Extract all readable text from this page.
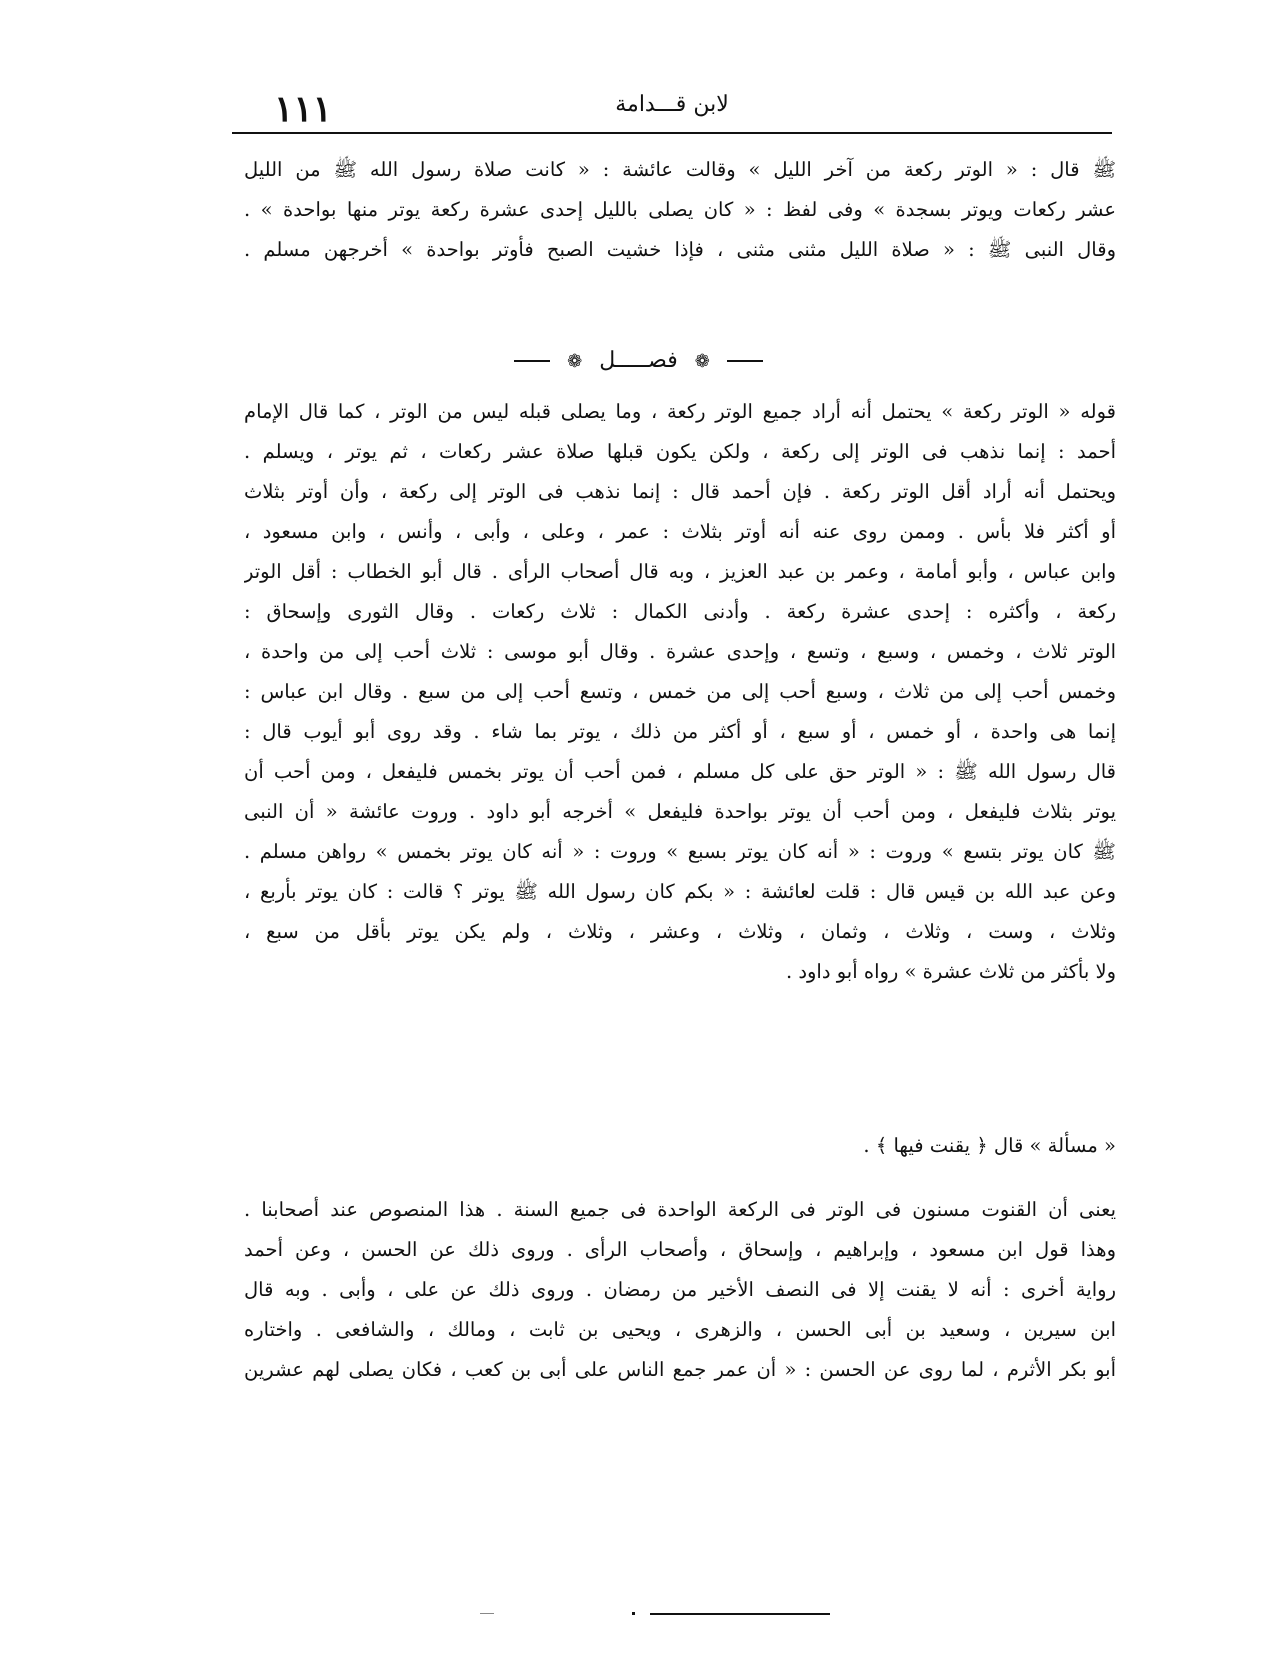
١١١	لابن قـــدامة
ﷺ قال : « الوتر ركعة من آخر الليل » وقالت عائشة : « كانت صلاة رسول الله ﷺ من الليل
عشر ركعات ويوتر بسجدة » وفى لفظ : « كان يصلى بالليل إحدى عشرة ركعة يوتر منها بواحدة » .
وقال النبى ﷺ : « صلاة الليل مثنى مثنى ، فإذا خشيت الصبح فأوتر بواحدة » أخرجهن مسلم .
❁ فصـــــل ❁
قوله « الوتر ركعة » يحتمل أنه أراد جميع الوتر ركعة ، وما يصلى قبله ليس من الوتر ، كما قال الإمام
أحمد : إنما نذهب فى الوتر إلى ركعة ، ولكن يكون قبلها صلاة عشر ركعات ، ثم يوتر ، ويسلم .
ويحتمل أنه أراد أقل الوتر ركعة . فإن أحمد قال : إنما نذهب فى الوتر إلى ركعة ، وأن أوتر بثلاث
أو أكثر فلا بأس . وممن روى عنه أنه أوتر بثلاث : عمر ، وعلى ، وأبى ، وأنس ، وابن مسعود ،
وابن عباس ، وأبو أمامة ، وعمر بن عبد العزيز ، وبه قال أصحاب الرأى . قال أبو الخطاب : أقل الوتر
ركعة ، وأكثره : إحدى عشرة ركعة . وأدنى الكمال : ثلاث ركعات . وقال الثورى وإسحاق :
الوتر ثلاث ، وخمس ، وسبع ، وتسع ، وإحدى عشرة . وقال أبو موسى : ثلاث أحب إلى من واحدة ،
وخمس أحب إلى من ثلاث ، وسبع أحب إلى من خمس ، وتسع أحب إلى من سبع . وقال ابن عباس :
إنما هى واحدة ، أو خمس ، أو سبع ، أو أكثر من ذلك ، يوتر بما شاء . وقد روى أبو أيوب قال :
قال رسول الله ﷺ : « الوتر حق على كل مسلم ، فمن أحب أن يوتر بخمس فليفعل ، ومن أحب أن
يوتر بثلاث فليفعل ، ومن أحب أن يوتر بواحدة فليفعل » أخرجه أبو داود . وروت عائشة « أن النبى
ﷺ كان يوتر بتسع » وروت : « أنه كان يوتر بسبع » وروت : « أنه كان يوتر بخمس » رواهن مسلم .
وعن عبد الله بن قيس قال : قلت لعائشة : « بكم كان رسول الله ﷺ يوتر ؟ قالت : كان يوتر بأربع ،
وثلاث ، وست ، وثلاث ، وثمان ، وثلاث ، وعشر ، وثلاث ، ولم يكن يوتر بأقل من سبع ،
ولا بأكثر من ثلاث عشرة » رواه أبو داود .
« مسألة » قال ﴿ يقنت فيها ﴾ .
يعنى أن القنوت مسنون فى الوتر فى الركعة الواحدة فى جميع السنة . هذا المنصوص عند أصحابنا .
وهذا قول ابن مسعود ، وإبراهيم ، وإسحاق ، وأصحاب الرأى . وروى ذلك عن الحسن ، وعن أحمد
رواية أخرى : أنه لا يقنت إلا فى النصف الأخير من رمضان . وروى ذلك عن على ، وأبى . وبه قال
ابن سيرين ، وسعيد بن أبى الحسن ، والزهرى ، ويحيى بن ثابت ، ومالك ، والشافعى . واختاره
أبو بكر الأثرم ، لما روى عن الحسن : « أن عمر جمع الناس على أبى بن كعب ، فكان يصلى لهم عشرين
